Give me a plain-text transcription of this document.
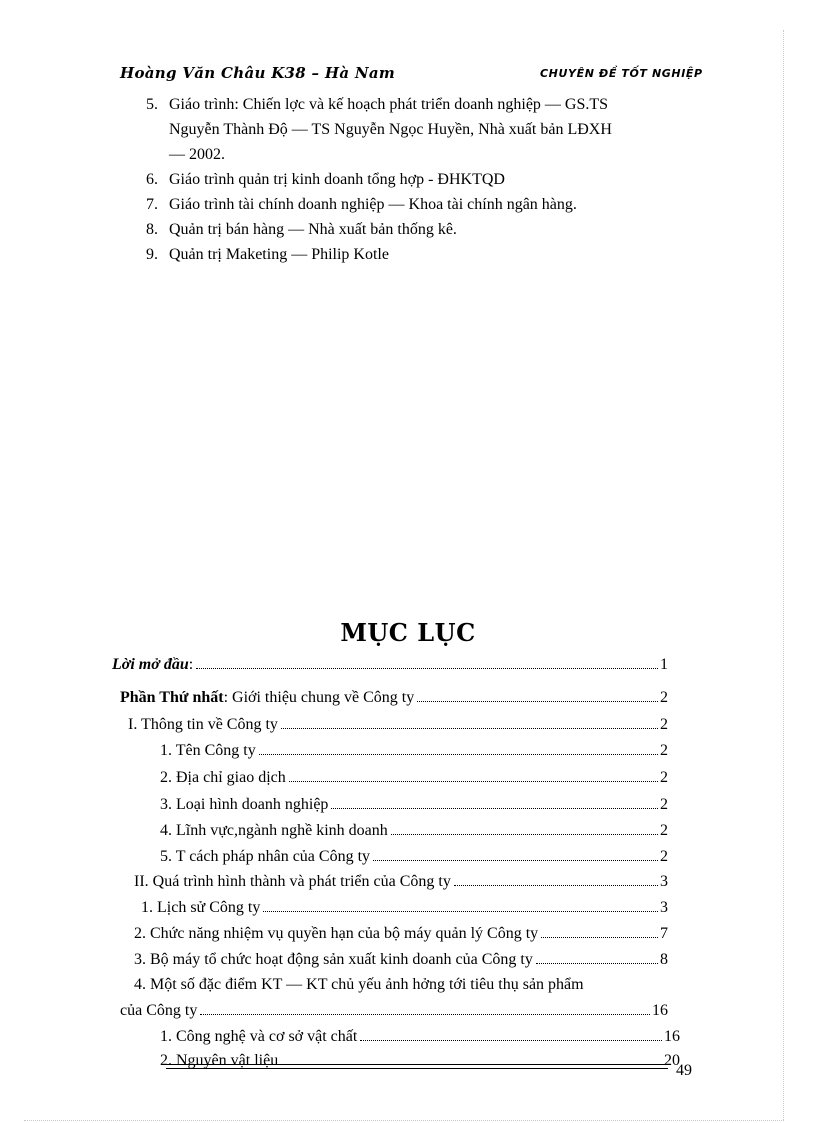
Hoàng Văn Châu K38 – Hà Nam	CHUYÊN ĐỀ TỐT NGHIỆP
5. Giáo trình: Chiến lợc và kế hoạch phát triển doanh nghiệp — GS.TS
Nguyễn Thành Độ — TS Nguyễn Ngọc Huyền, Nhà xuất bản LĐXH
— 2002.
6. Giáo trình quản trị kinh doanh tổng hợp - ĐHKTQD
7. Giáo trình tài chính doanh nghiệp — Khoa tài chính ngân hàng.
8. Quản trị bán hàng — Nhà xuất bản thống kê.
9. Quản trị Maketing — Philip Kotle
MỤC LỤC
Lời mở đầu:	1
Phần Thứ nhất: Giới thiệu chung về Công ty	2
I. Thông tin về Công ty	2
1. Tên Công ty	2
2. Địa chỉ giao dịch	2
3. Loại hình doanh nghiệp	2
4. Lĩnh vực,ngành nghề kinh doanh	2
5. T cách pháp nhân của Công ty	2
II. Quá trình hình thành và phát triển của Công ty	3
1. Lịch sử Công ty	3
2. Chức năng nhiệm vụ quyền hạn của bộ máy quản lý Công ty	7
3. Bộ máy tổ chức hoạt động sản xuất kinh doanh của Công ty	8
4. Một số đặc điểm KT — KT chủ yếu ảnh hởng tới tiêu thụ sản phẩm
của Công ty	16
1. Công nghệ và cơ sở vật chất	16
2. Nguyên vật liệu	20
49
